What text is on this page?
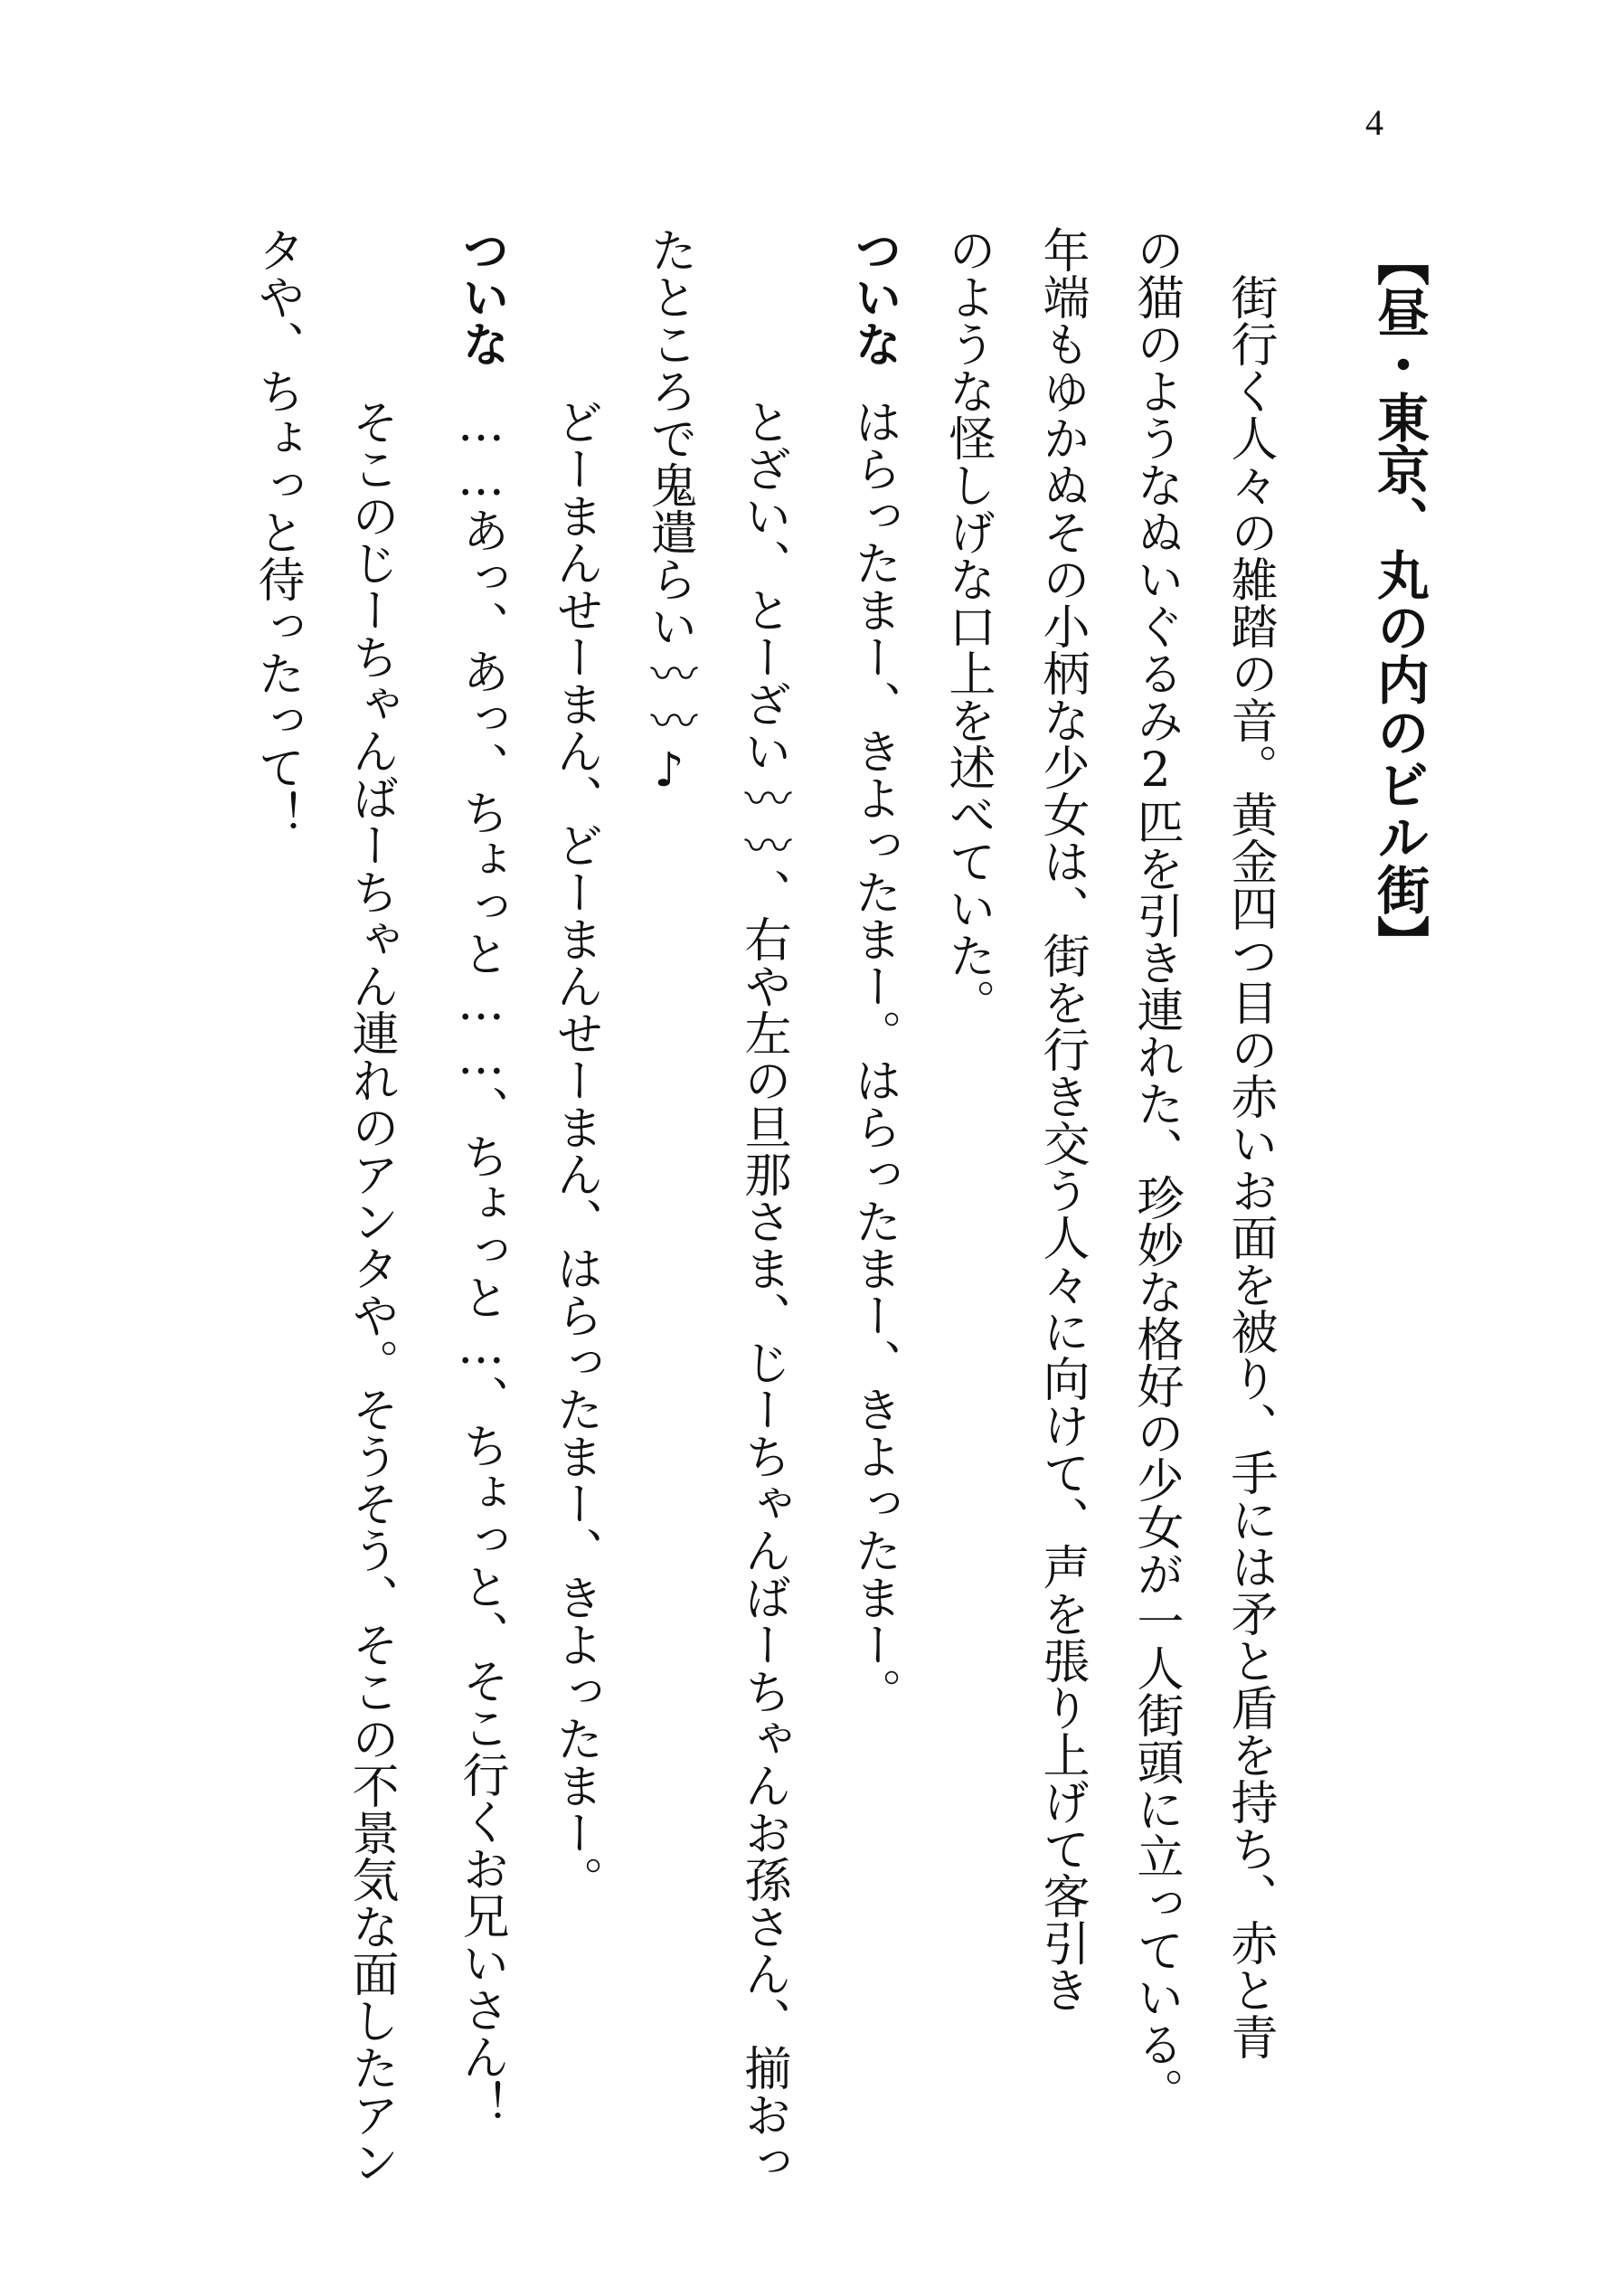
4
【昼・東京、丸の内のビル街】
街行く人々の雑踏の音。黄金四つ目の赤いお面を被り、手には矛と盾を持ち、赤と青
の猫のようなぬいぐるみ2匹を引き連れた、珍妙な格好の少女が一人街頭に立っている。
年端もゆかぬその小柄な少女は、街を行き交う人々に向けて、声を張り上げて客引き
のような怪しげな口上を述べていた。
ついなはらったまー、きよったまー。はらったまー、きよったまー。
とざい、とーざい〰〰、右や左の旦那さま、じーちゃんばーちゃんお孫さん、揃おっ
たところで鬼遣らい〰〰♪
どーまんせーまん、どーまんせーまん、はらったまー、きよったまー。
ついな……あっ、あっ、ちょっと……、ちょっと…、ちょっと、そこ行くお兄いさん！
そこのじーちゃんばーちゃん連れのアンタや。そうそう、そこの不景気な面したアン
タや、ちょっと待ったって！
